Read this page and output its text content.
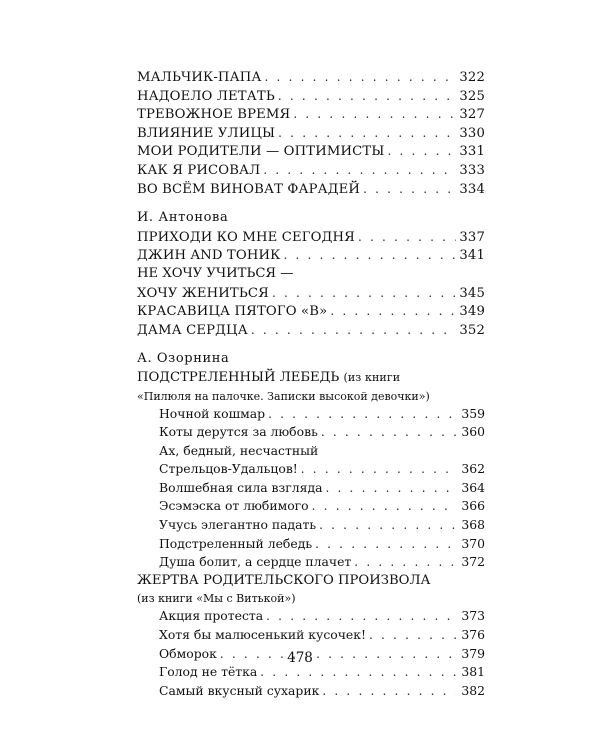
МАЛЬЧИК-ПАПА . . .	322
НАДОЕЛО ЛЕТАТЬ . . .	325
ТРЕВОЖНОЕ ВРЕМЯ . . .	327
ВЛИЯНИЕ УЛИЦЫ . . .	330
МОИ РОДИТЕЛИ — ОПТИМИСТЫ . . .	331
КАК Я РИСОВАЛ . . .	333
ВО ВСЁМ ВИНОВАТ ФАРАДЕЙ . . .	334
И. Антонова
ПРИХОДИ КО МНЕ СЕГОДНЯ . . .	337
ДЖИН AND ТОНИК . . .	341
НЕ ХОЧУ УЧИТЬСЯ —
ХОЧУ ЖЕНИТЬСЯ . . .	345
КРАСАВИЦА ПЯТОГО «В» . . .	349
ДАМА СЕРДЦА . . .	352
А. Озорнина
ПОДСТРЕЛЕННЫЙ ЛЕБЕДЬ (из книги
«Пилюля на палочке. Записки высокой девочки»)
Ночной кошмар . . .	359
Коты дерутся за любовь . . .	360
Ах, бедный, несчастный
Стрельцов-Удальцов! . . .	362
Волшебная сила взгляда . . .	364
Эсэмэска от любимого . . .	366
Учусь элегантно падать . . .	368
Подстреленный лебедь . . .	370
Душа болит, а сердце плачет . . .	372
ЖЕРТВА РОДИТЕЛЬСКОГО ПРОИЗВОЛА
(из книги «Мы с Витькой»)
Акция протеста . . .	373
Хотя бы малюсенький кусочек! . . .	376
Обморок . . .	379
Голод не тётка . . .	381
Самый вкусный сухарик . . .	382
478
